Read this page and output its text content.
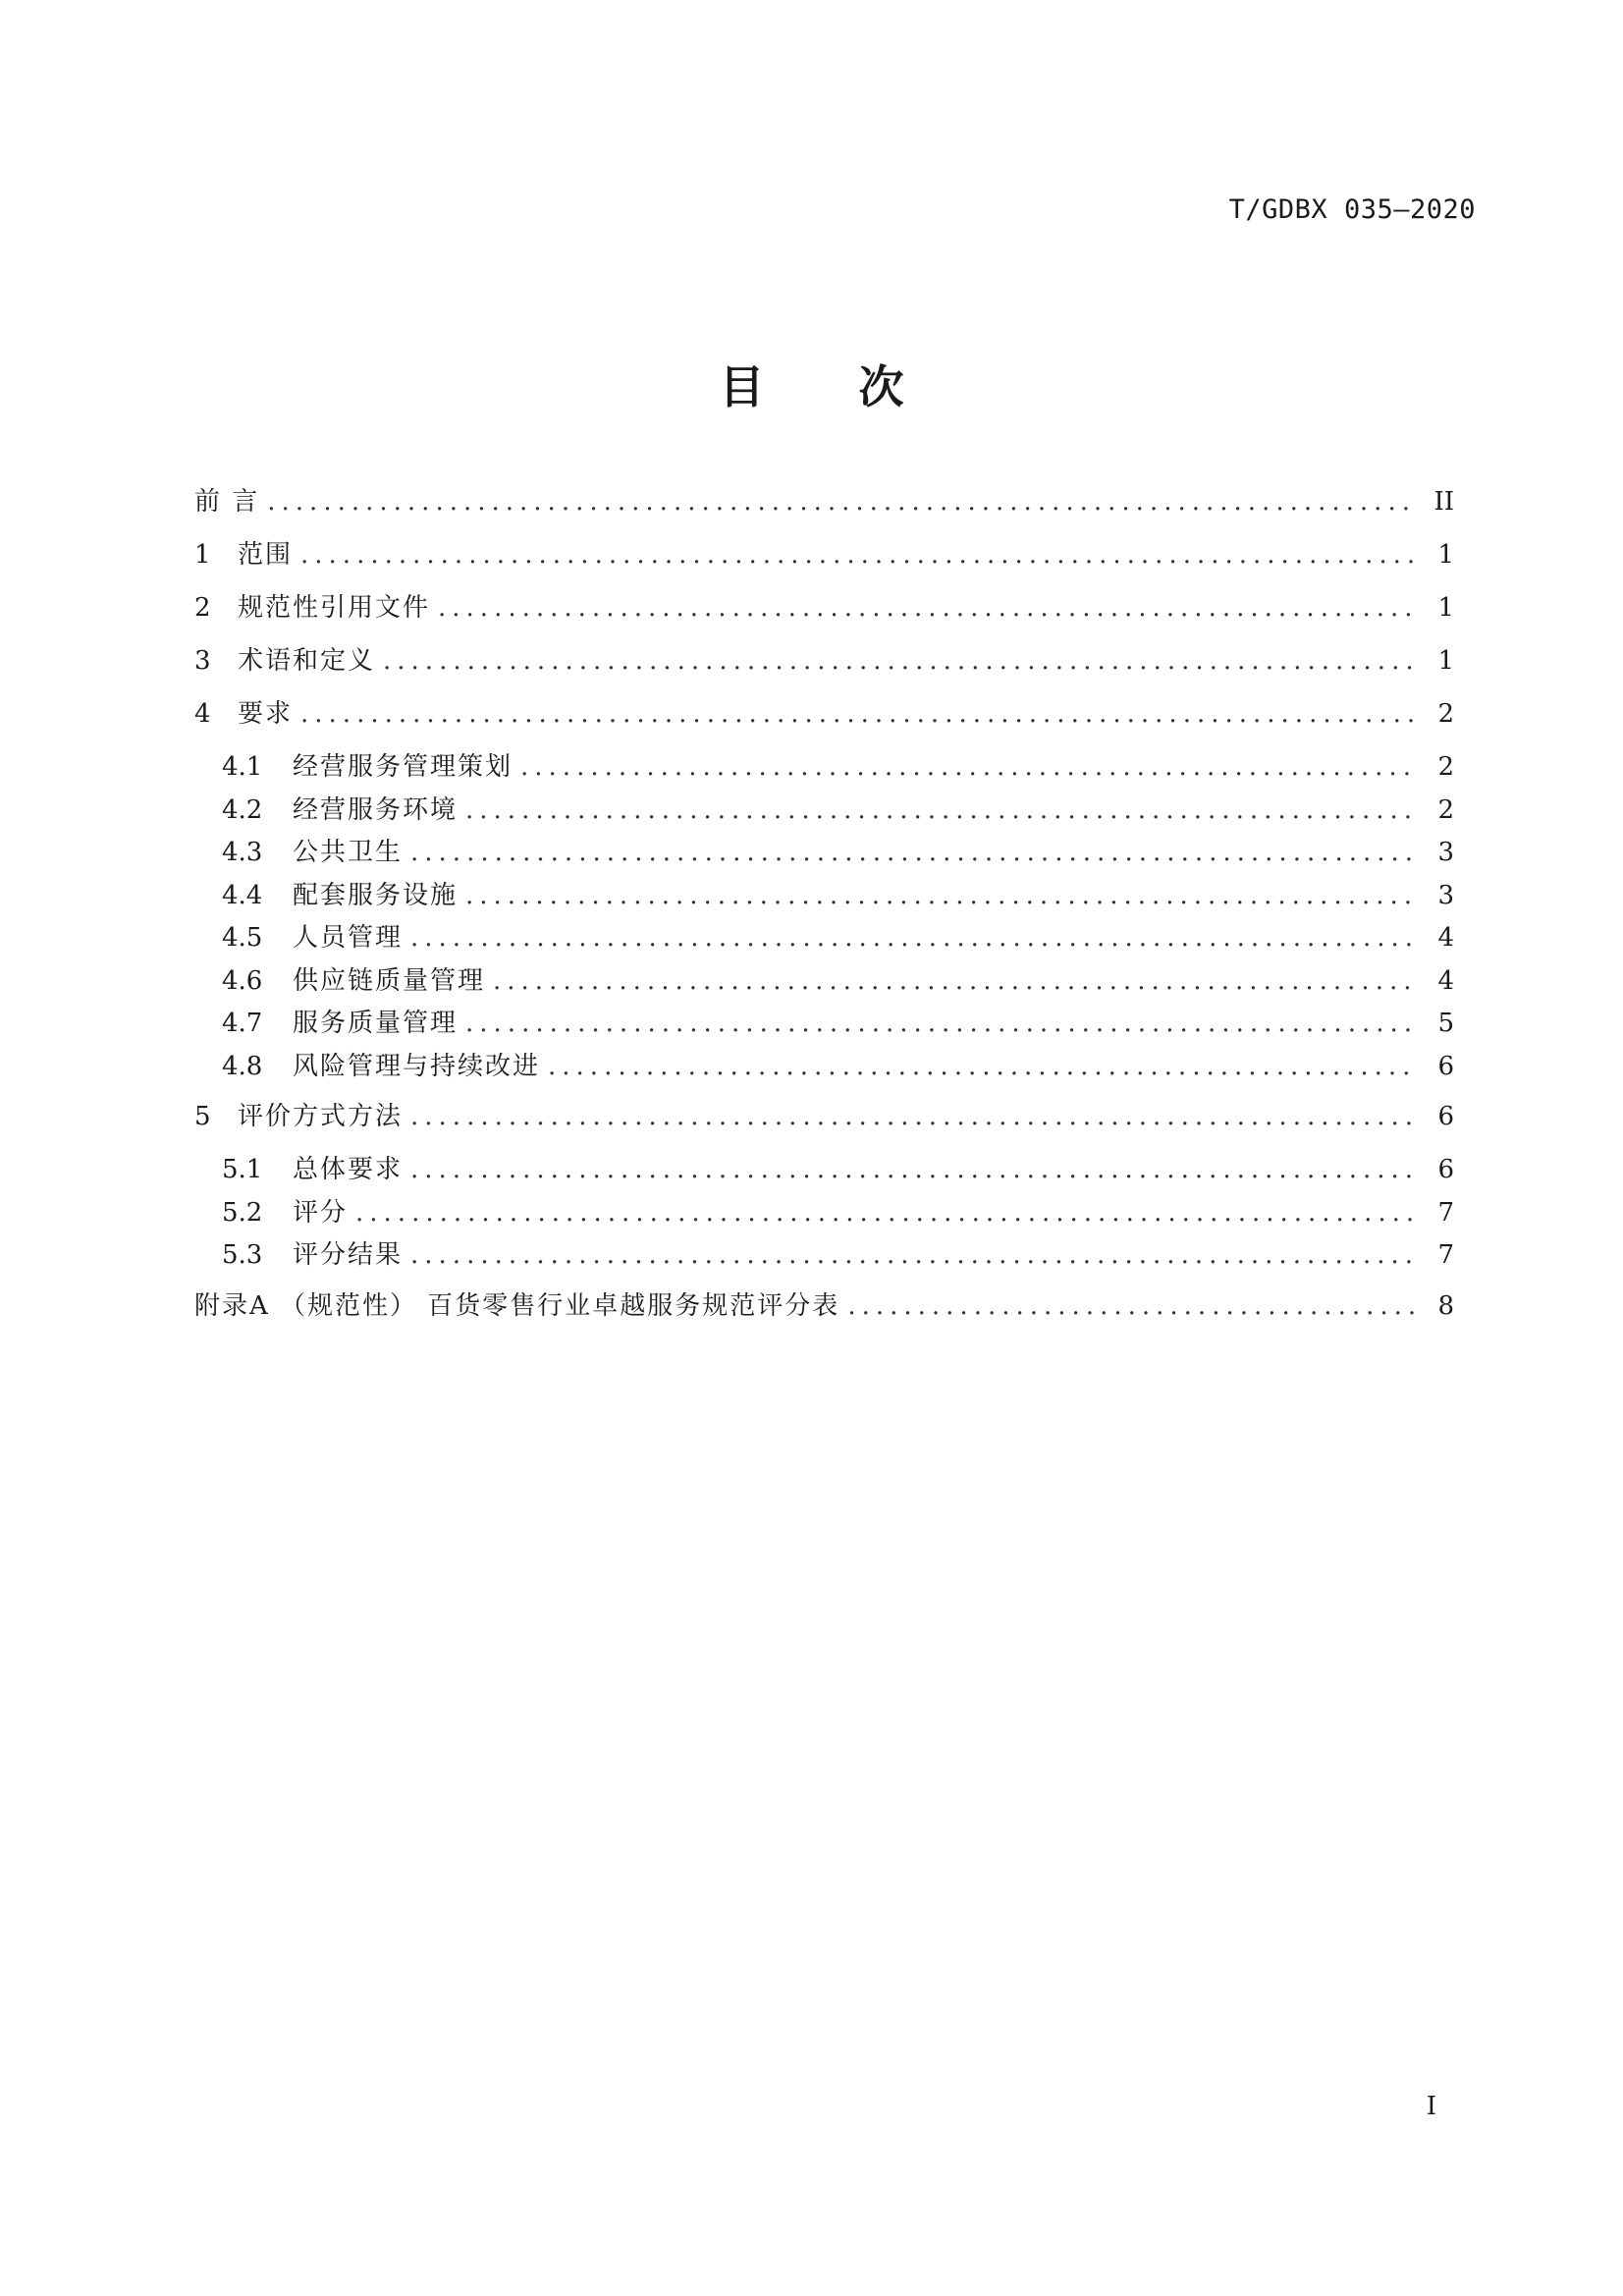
T/GDBX 035—2020
目 次
前 言 .....	II
1	范围 .....	1
2	规范性引用文件 .....	1
3	术语和定义 .....	1
4	要求 .....	2
4.1	经营服务管理策划 .....	2
4.2	经营服务环境 .....	2
4.3	公共卫生 .....	3
4.4	配套服务设施 .....	3
4.5	人员管理 .....	4
4.6	供应链质量管理 .....	4
4.7	服务质量管理 .....	5
4.8	风险管理与持续改进 .....	6
5	评价方式方法 .....	6
5.1	总体要求 .....	6
5.2	评分 .....	7
5.3	评分结果 .....	7
附录A （规范性） 百货零售行业卓越服务规范评分表 .....	8
I
